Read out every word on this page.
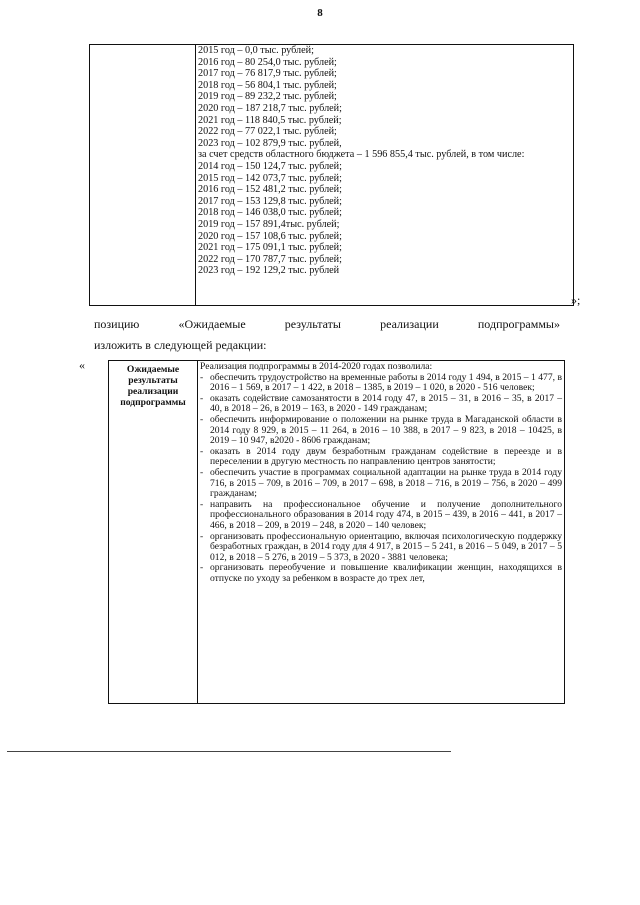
8

2015 год – 0,0 тыс. рублей;
2016 год – 80 254,0 тыс. рублей;
2017 год – 76 817,9 тыс. рублей;
2018 год – 56 804,1 тыс. рублей;
2019 год – 89 232,2 тыс. рублей;
2020 год – 187 218,7 тыс. рублей;
2021 год – 118 840,5 тыс. рублей;
2022 год – 77 022,1 тыс. рублей;
2023 год – 102 879,9 тыс. рублей,
за счет средств областного бюджета – 1 596 855,4 тыс. рублей, в том числе:
2014 год – 150 124,7 тыс. рублей;
2015 год – 142 073,7 тыс. рублей;
2016 год – 152 481,2 тыс. рублей;
2017 год – 153 129,8 тыс. рублей;
2018 год – 146 038,0 тыс. рублей;
2019 год – 157 891,4тыс. рублей;
2020 год – 157 108,6 тыс. рублей;
2021 год – 175 091,1 тыс. рублей;
2022 год – 170 787,7 тыс. рублей;
2023 год – 192 129,2 тыс. рублей
»;
позицию «Ожидаемые результаты реализации подпрограммы»
изложить в следующей редакции:
«	Ожидаемые результаты реализации подпрограммы	
Реализация подпрограммы в 2014-2020 годах позволила:
- обеспечить трудоустройство на временные работы в 2014 году 1 494, в 2015 – 1 477, в 2016 – 1 569, в 2017 – 1 422, в 2018 – 1385, в 2019 – 1 020, в 2020 - 516 человек;
- оказать содействие самозанятости в 2014 году 47, в 2015 – 31, в 2016 – 35, в 2017 – 40, в 2018 – 26, в 2019 – 163, в 2020 - 149 гражданам;
- обеспечить информирование о положении на рынке труда в Магаданской области в 2014 году 8 929, в 2015 – 11 264, в 2016 – 10 388, в 2017 – 9 823, в 2018 – 10425, в 2019 – 10 947, в2020 - 8606 гражданам;
- оказать в 2014 году двум безработным гражданам содействие в переезде и в переселении в другую местность по направлению центров занятости;
- обеспечить участие в программах социальной адаптации на рынке труда в 2014 году 716, в 2015 – 709, в 2016 – 709, в 2017 – 698, в 2018 – 716, в 2019 – 756, в 2020 – 499 гражданам;
- направить на профессиональное обучение и получение дополнительного профессионального образования в 2014 году 474, в 2015 – 439, в 2016 – 441, в 2017 – 466, в 2018 – 209, в 2019 – 248, в 2020 – 140 человек;
- организовать профессиональную ориентацию, включая психологическую поддержку безработных граждан, в 2014 году для 4 917, в 2015 – 5 241, в 2016 – 5 049, в 2017 – 5 012, в 2018 – 5 276, в 2019 – 5 373, в 2020 - 3881 человека;
- организовать переобучение и повышение квалификации женщин, находящихся в отпуске по уходу за ребенком в возрасте до трех лет,
